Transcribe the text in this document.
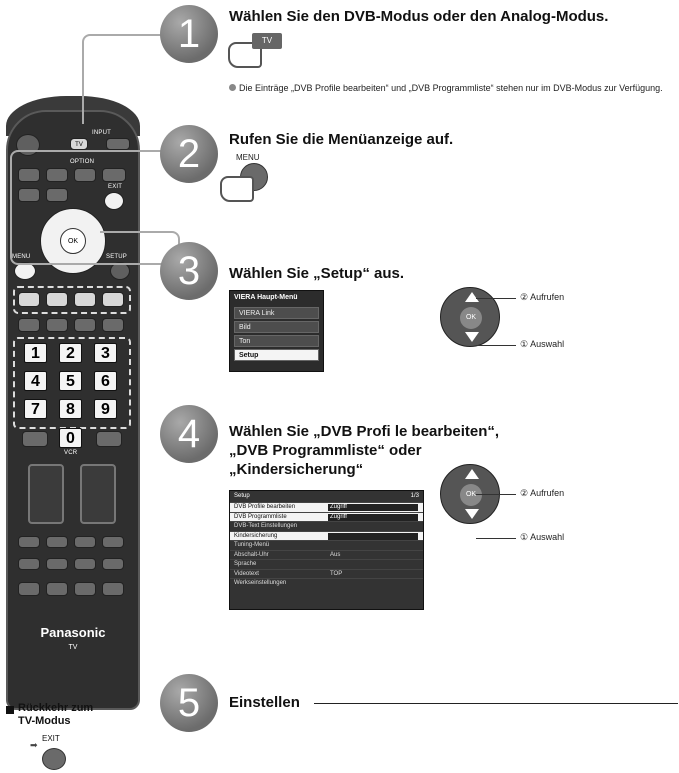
TV
INPUT
OPTION
EXIT
OK
MENU	SETUP
1	2	3
4	5	6
7	8	9
0
VCR
Panasonic
TV
1	Wählen Sie den DVB-Modus oder den Analog-Modus.
TV
Die Einträge „DVB Profile bearbeiten“ und „DVB Programmliste“ stehen nur im DVB-Modus zur Verfügung.
2	Rufen Sie die Menüanzeige auf.
MENU
3	Wählen Sie „Setup“ aus.
VIERA Haupt-Menü
VIERA Link
Bild
Ton
Setup
OK
② Aufrufen
① Auswahl
4	Wählen Sie „DVB Profi le bearbeiten“,
„DVB Programmliste“ oder
„Kindersicherung“
Setup	1/3
DVB Profile bearbeiten	Zugriff
DVB Programmliste	Zugriff
DVB-Text Einstellungen
Kindersicherung
Tuning-Menü
Abschalt-Uhr	Aus
Sprache
Videotext	TOP
Werkseinstellungen
OK	② Aufrufen
① Auswahl
5	Einstellen
Rückkehr zum
TV-Modus
➡
EXIT
